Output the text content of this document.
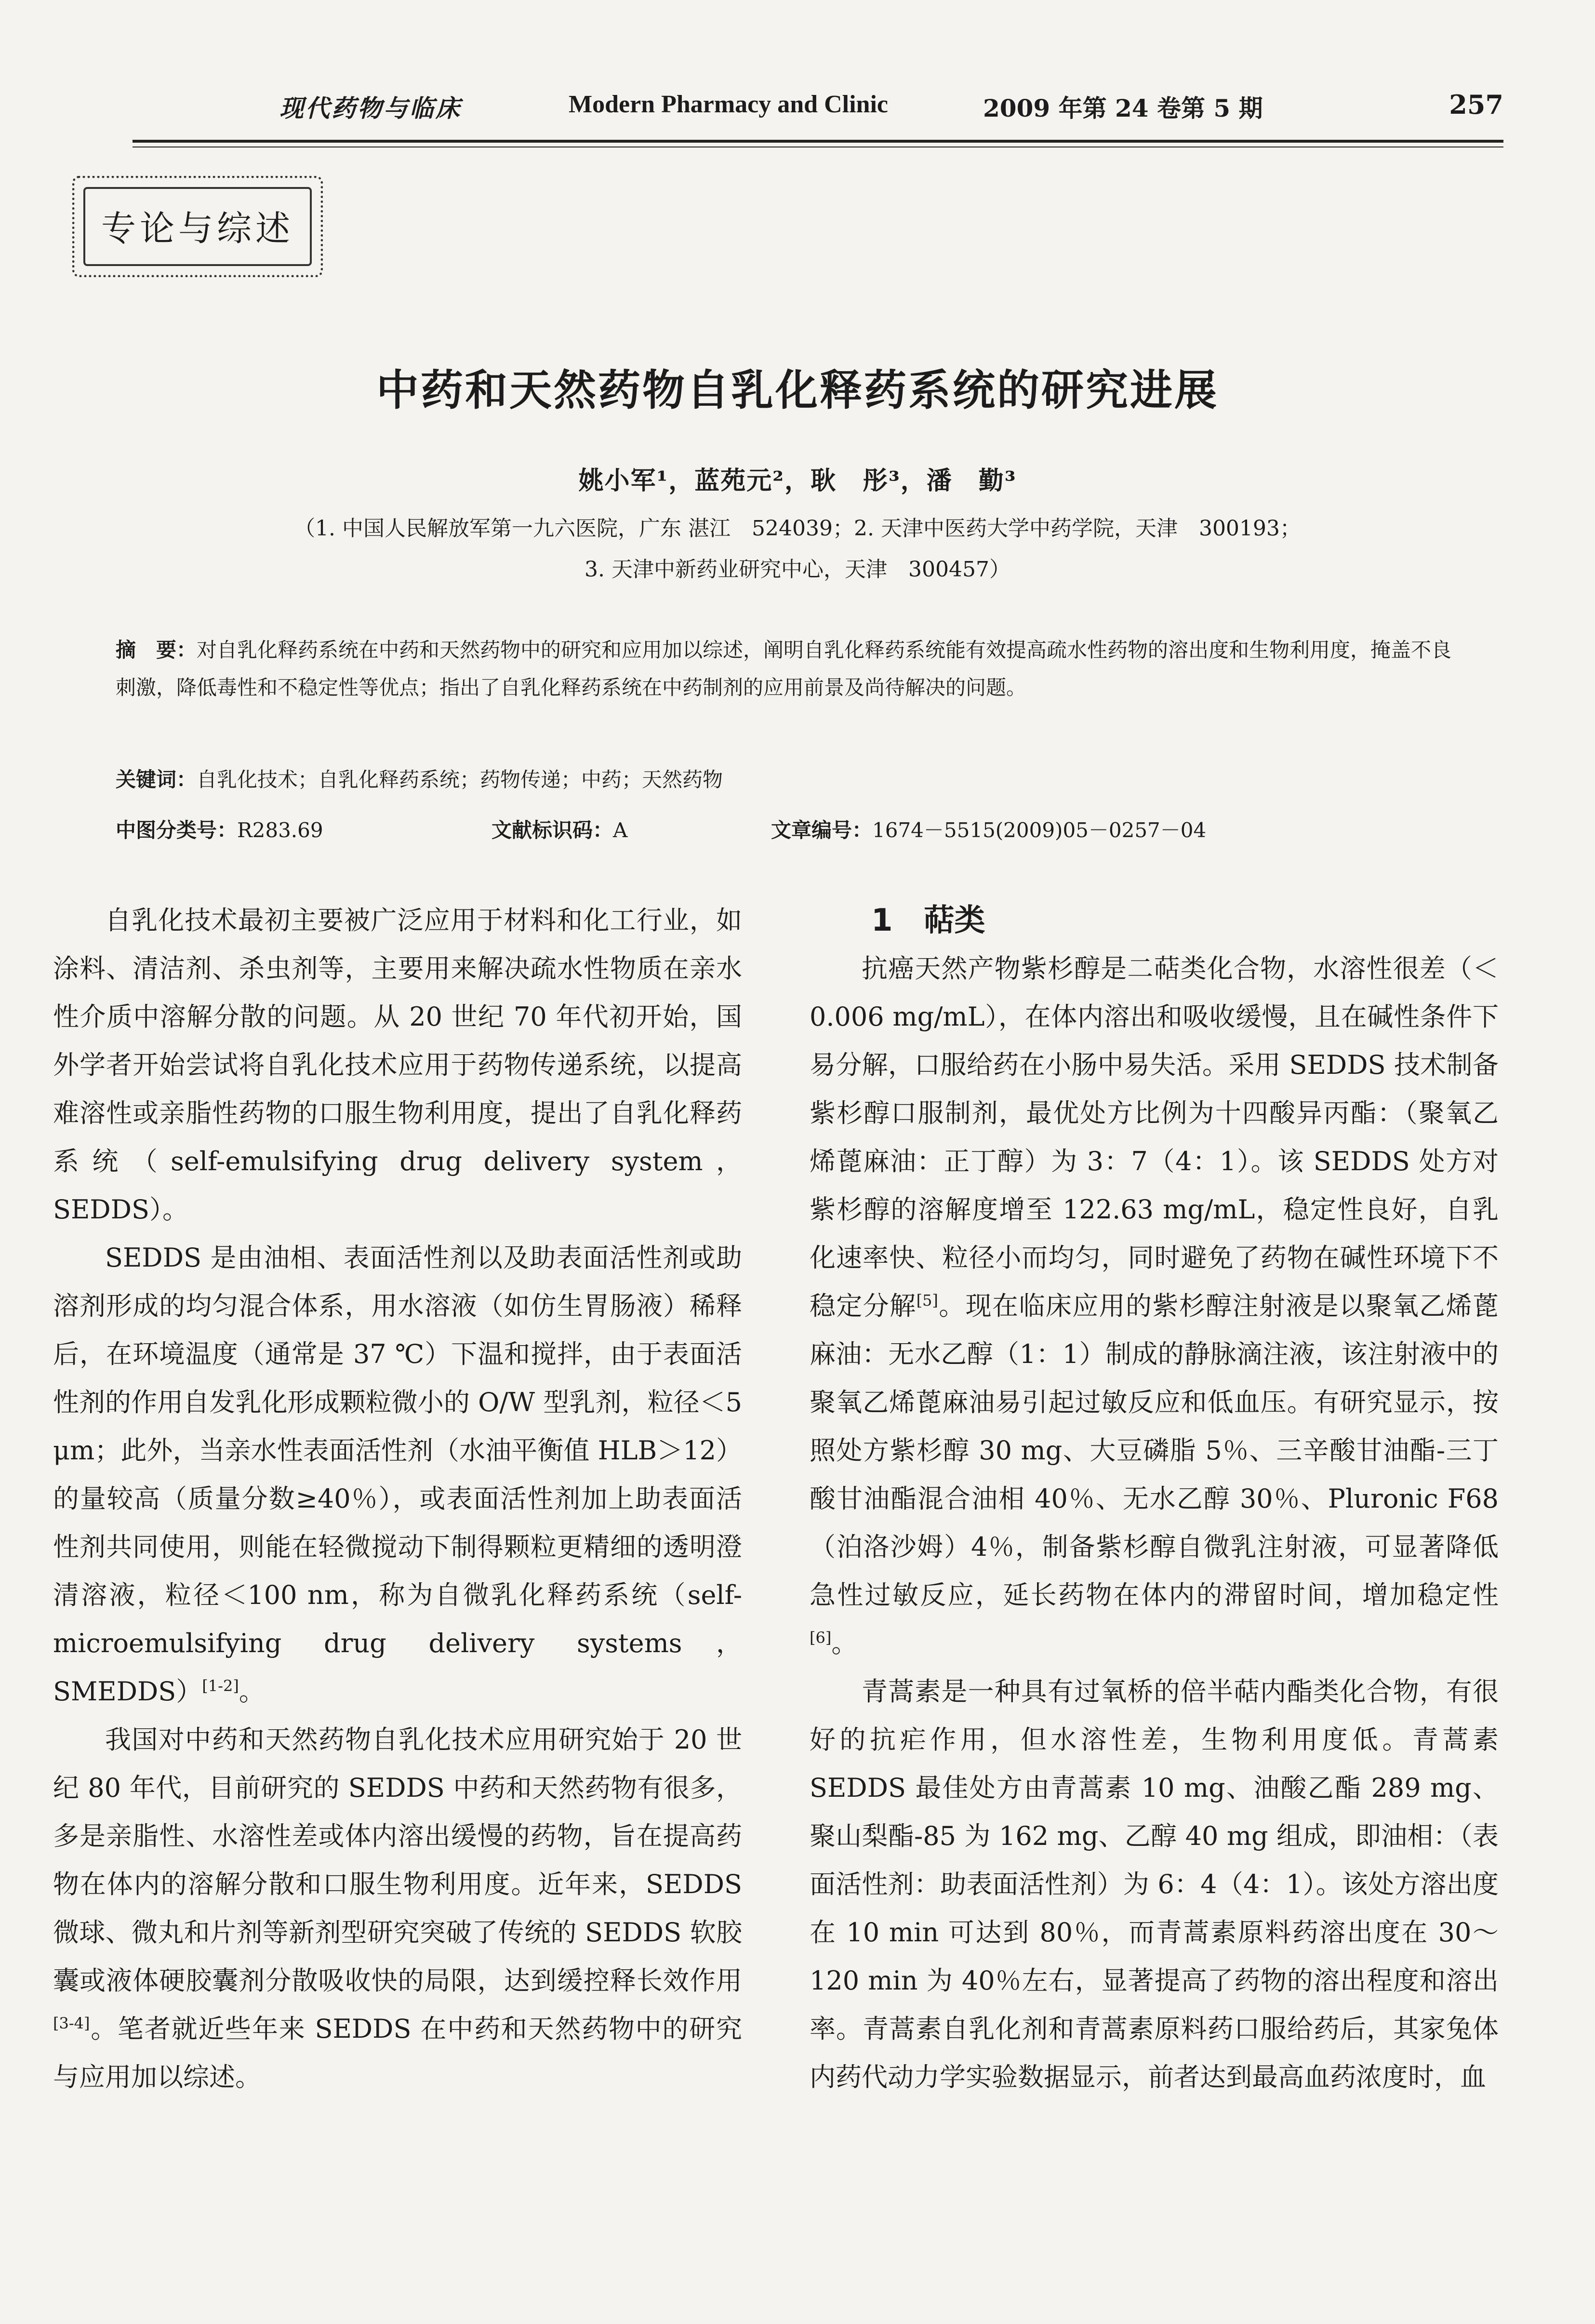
现代药物与临床	Modern Pharmacy and Clinic	2009 年第 24 卷第 5 期	257
专论与综述
中药和天然药物自乳化释药系统的研究进展
姚小军¹，蓝苑元²，耿　彤³，潘　勤³
（1. 中国人民解放军第一九六医院，广东 湛江　524039；2. 天津中医药大学中药学院，天津　300193；
3. 天津中新药业研究中心，天津　300457）
摘　要：对自乳化释药系统在中药和天然药物中的研究和应用加以综述，阐明自乳化释药系统能有效提高疏水性药物的溶出度和生物利用度，掩盖不良刺激，降低毒性和不稳定性等优点；指出了自乳化释药系统在中药制剂的应用前景及尚待解决的问题。
关键词：自乳化技术；自乳化释药系统；药物传递；中药；天然药物
中图分类号：R283.69	文献标识码：A	文章编号：1674－5515(2009)05－0257－04

自乳化技术最初主要被广泛应用于材料和化工行业，如涂料、清洁剂、杀虫剂等，主要用来解决疏水性物质在亲水性介质中溶解分散的问题。从 20 世纪 70 年代初开始，国外学者开始尝试将自乳化技术应用于药物传递系统，以提高难溶性或亲脂性药物的口服生物利用度，提出了自乳化释药系统（self-emulsifying drug delivery system，SEDDS）。

SEDDS 是由油相、表面活性剂以及助表面活性剂或助溶剂形成的均匀混合体系，用水溶液（如仿生胃肠液）稀释后，在环境温度（通常是 37 ℃）下温和搅拌，由于表面活性剂的作用自发乳化形成颗粒微小的 O/W 型乳剂，粒径＜5 μm；此外，当亲水性表面活性剂（水油平衡值 HLB＞12）的量较高（质量分数≥40％），或表面活性剂加上助表面活性剂共同使用，则能在轻微搅动下制得颗粒更精细的透明澄清溶液，粒径＜100 nm，称为自微乳化释药系统（self-microemulsifying drug delivery systems，SMEDDS）[1-2]。

我国对中药和天然药物自乳化技术应用研究始于 20 世纪 80 年代，目前研究的 SEDDS 中药和天然药物有很多，多是亲脂性、水溶性差或体内溶出缓慢的药物，旨在提高药物在体内的溶解分散和口服生物利用度。近年来，SEDDS 微球、微丸和片剂等新剂型研究突破了传统的 SEDDS 软胶囊或液体硬胶囊剂分散吸收快的局限，达到缓控释长效作用[3-4]。笔者就近些年来 SEDDS 在中药和天然药物中的研究与应用加以综述。

1　萜类

抗癌天然产物紫杉醇是二萜类化合物，水溶性很差（＜0.006 mg/mL），在体内溶出和吸收缓慢，且在碱性条件下易分解，口服给药在小肠中易失活。采用 SEDDS 技术制备紫杉醇口服制剂，最优处方比例为十四酸异丙酯：（聚氧乙烯蓖麻油：正丁醇）为 3：7（4：1）。该 SEDDS 处方对紫杉醇的溶解度增至 122.63 mg/mL，稳定性良好，自乳化速率快、粒径小而均匀，同时避免了药物在碱性环境下不稳定分解[5]。现在临床应用的紫杉醇注射液是以聚氧乙烯蓖麻油：无水乙醇（1：1）制成的静脉滴注液，该注射液中的聚氧乙烯蓖麻油易引起过敏反应和低血压。有研究显示，按照处方紫杉醇 30 mg、大豆磷脂 5％、三辛酸甘油酯-三丁酸甘油酯混合油相 40％、无水乙醇 30％、Pluronic F68（泊洛沙姆）4％，制备紫杉醇自微乳注射液，可显著降低急性过敏反应，延长药物在体内的滞留时间，增加稳定性[6]。

青蒿素是一种具有过氧桥的倍半萜内酯类化合物，有很好的抗疟作用，但水溶性差，生物利用度低。青蒿素 SEDDS 最佳处方由青蒿素 10 mg、油酸乙酯 289 mg、聚山梨酯-85 为 162 mg、乙醇 40 mg 组成，即油相：（表面活性剂：助表面活性剂）为 6：4（4：1）。该处方溶出度在 10 min 可达到 80％，而青蒿素原料药溶出度在 30～120 min 为 40％左右，显著提高了药物的溶出程度和溶出率。青蒿素自乳化剂和青蒿素原料药口服给药后，其家兔体内药代动力学实验数据显示，前者达到最高血药浓度时，血
